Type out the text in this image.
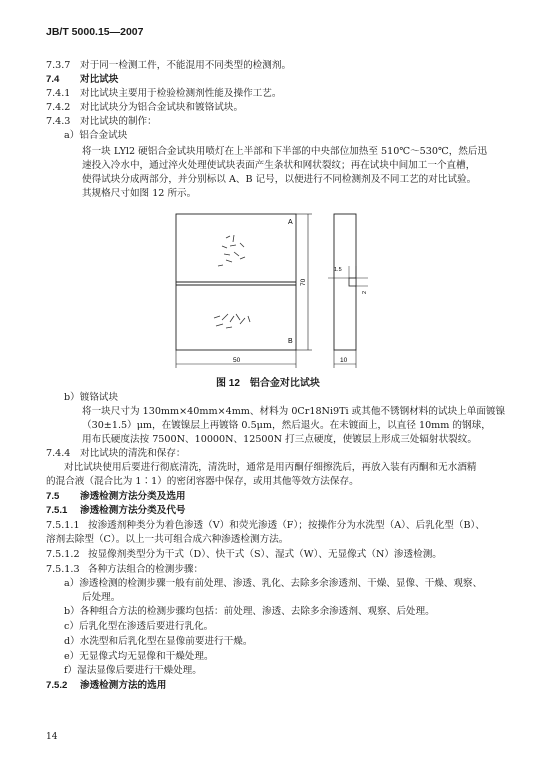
JB/T 5000.15—2007
7.3.7 对于同一检测工件，不能混用不同类型的检测剂。
7.4 对比试块
7.4.1 对比试块主要用于检验检测剂性能及操作工艺。
7.4.2 对比试块分为铝合金试块和镀铬试块。
7.4.3 对比试块的制作：
a）铝合金试块
将一块 LYl2 硬铝合金试块用喷灯在上半部和下半部的中央部位加热至 510℃～530℃，然后迅
速投入冷水中，通过淬火处理使试块表面产生条状和网状裂纹；再在试块中间加工一个直槽，
使得试块分成两部分，并分别标以 A、B 记号，以便进行不同检测剂及不同工艺的对比试验。
其规格尺寸如图 12 所示。
b）镀铬试块
将一块尺寸为 130mm×40mm×4mm、材料为 0Cr18Ni9Ti 或其他不锈钢材料的试块上单面镀镍
（30±1.5）μm，在镀镍层上再镀铬 0.5μm，然后退火。在未镀面上，以直径 10mm 的钢球，
用布氏硬度法按 7500N、10000N、12500N 打三点硬度，使镀层上形成三处辐射状裂纹。
7.4.4 对比试块的清洗和保存：
对比试块使用后要进行彻底清洗，清洗时，通常是用丙酮仔细擦洗后，再放入装有丙酮和无水酒精
的混合液（混合比为 1∶1）的密闭容器中保存，或用其他等效方法保存。
7.5 渗透检测方法分类及选用
7.5.1 渗透检测方法分类及代号
7.5.1.1 按渗透剂种类分为着色渗透（V）和荧光渗透（F）；按操作分为水洗型（A）、后乳化型（B）、
溶剂去除型（C）。以上一共可组合成六种渗透检测方法。
7.5.1.2 按显像剂类型分为干式（D）、快干式（S）、湿式（W）、无显像式（N）渗透检测。
7.5.1.3 各种方法组合的检测步骤：
a）渗透检测的检测步骤一般有前处理、渗透、乳化、去除多余渗透剂、干燥、显像、干燥、观察、
后处理。
b）各种组合方法的检测步骤均包括：前处理、渗透、去除多余渗透剂、观察、后处理。
c）后乳化型在渗透后要进行乳化。
d）水洗型和后乳化型在显像前要进行干燥。
e）无显像式均无显像和干燥处理。
f）湿法显像后要进行干燥处理。
7.5.2 渗透检测方法的选用
A
B
70
50
1.5
2
10
图 12　铝合金对比试块
14
